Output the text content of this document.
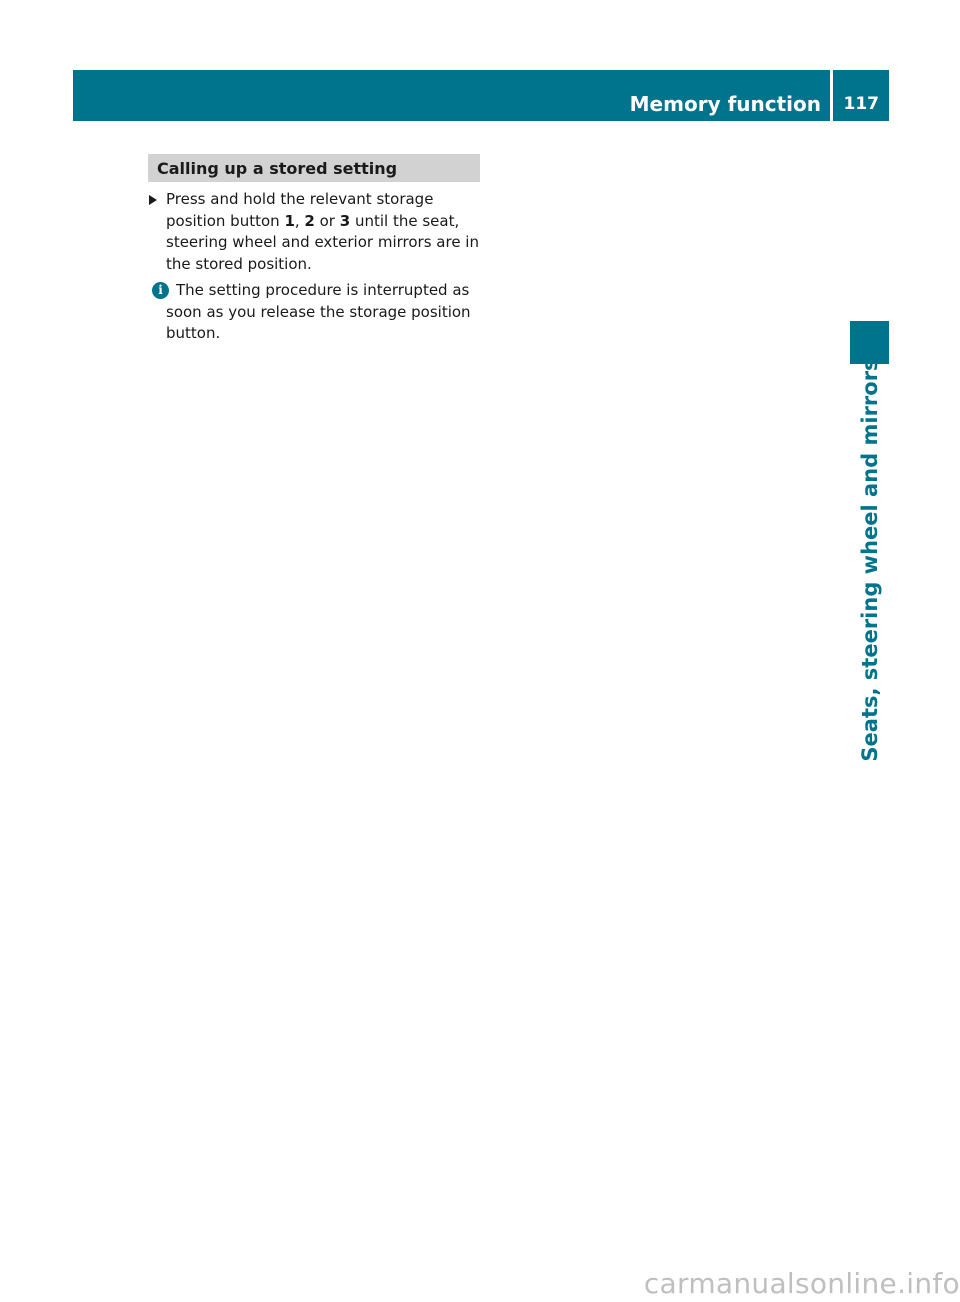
Memory function 117
Seats, steering wheel and mirrors
Calling up a stored setting
Press and hold the relevant storage position button 1, 2 or 3 until the seat, steering wheel and exterior mirrors are in the stored position.
i The setting procedure is interrupted as soon as you release the storage position button.
carmanualsonline.info
